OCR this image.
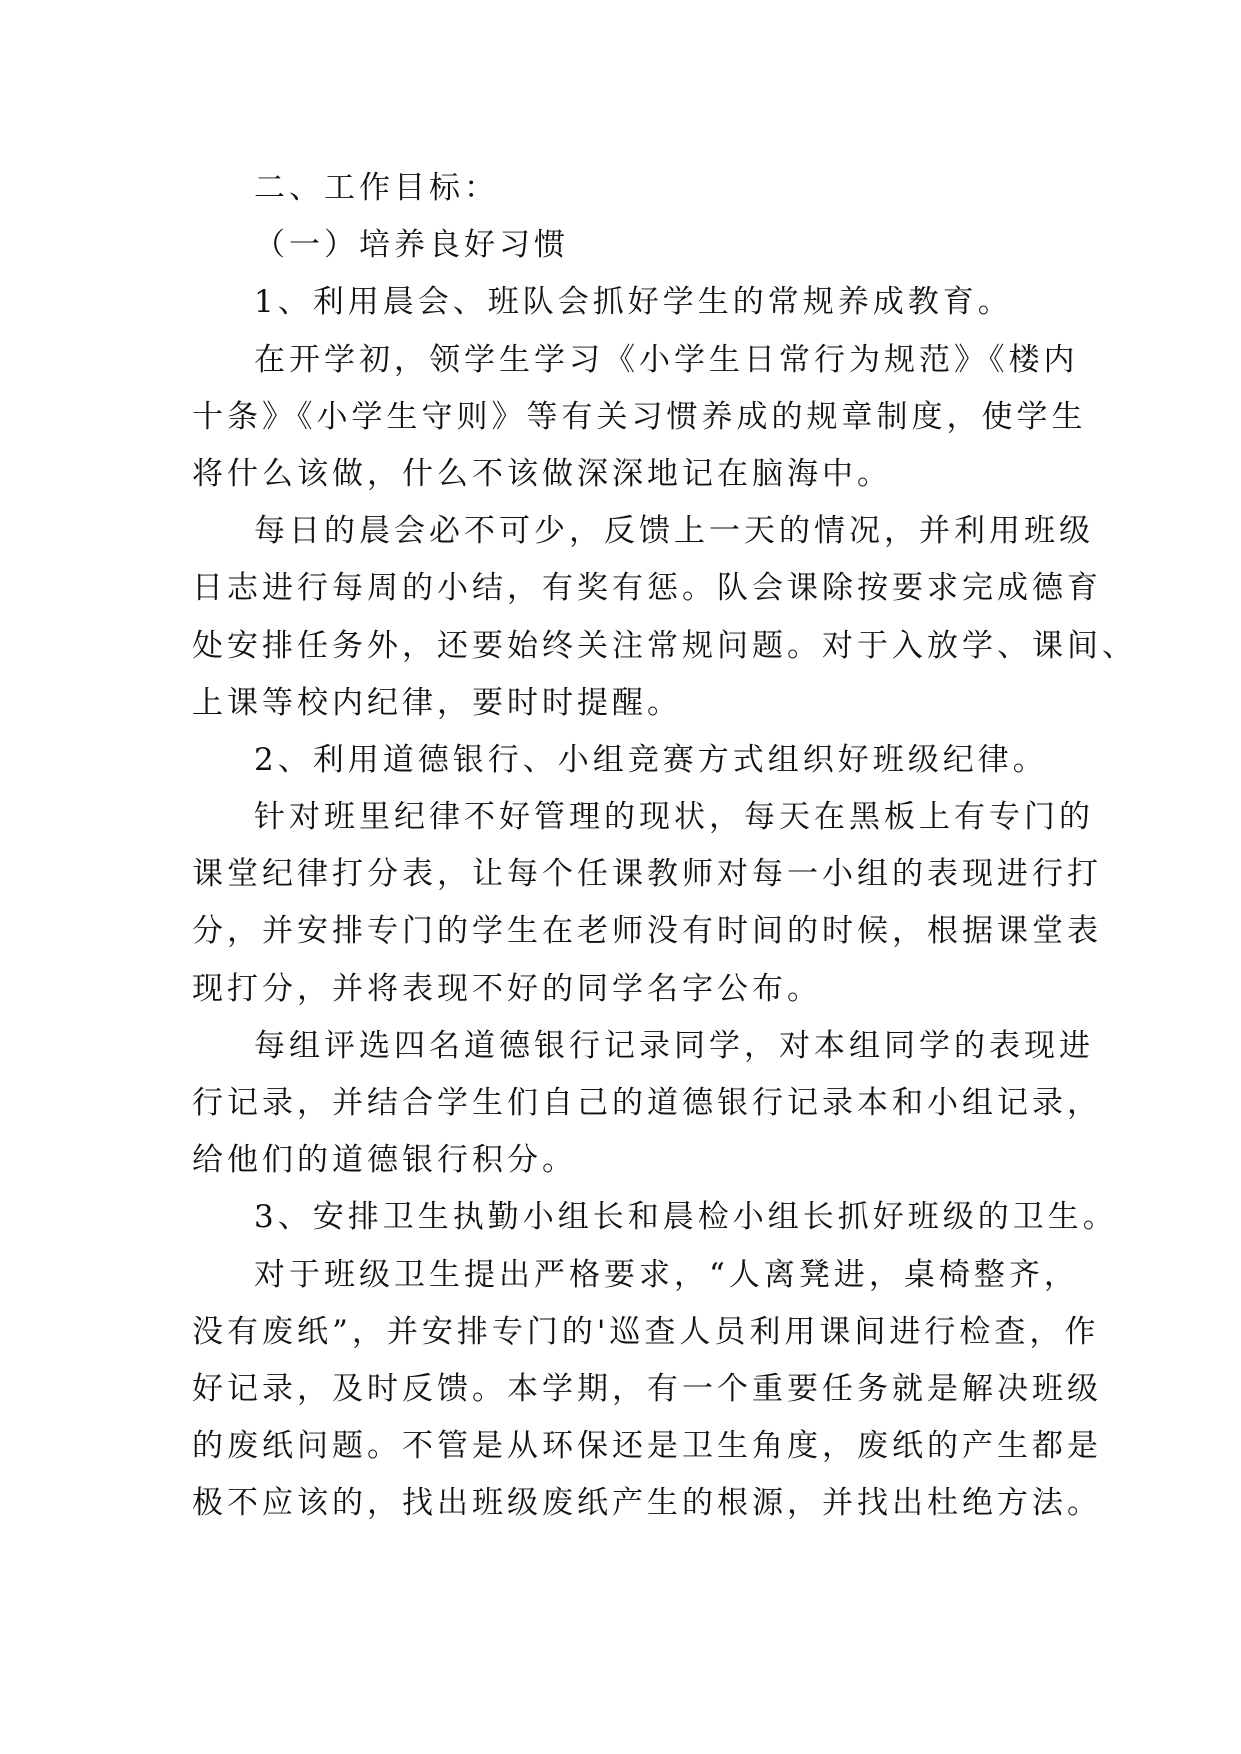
二、工作目标：
（一）培养良好习惯
1、利用晨会、班队会抓好学生的常规养成教育。
在开学初，领学生学习《小学生日常行为规范》《楼内
十条》《小学生守则》等有关习惯养成的规章制度，使学生
将什么该做，什么不该做深深地记在脑海中。
每日的晨会必不可少，反馈上一天的情况，并利用班级
日志进行每周的小结，有奖有惩。队会课除按要求完成德育
处安排任务外，还要始终关注常规问题。对于入放学、课间、
上课等校内纪律，要时时提醒。
2、利用道德银行、小组竞赛方式组织好班级纪律。
针对班里纪律不好管理的现状，每天在黑板上有专门的
课堂纪律打分表，让每个任课教师对每一小组的表现进行打
分，并安排专门的学生在老师没有时间的时候，根据课堂表
现打分，并将表现不好的同学名字公布。
每组评选四名道德银行记录同学，对本组同学的表现进
行记录，并结合学生们自己的道德银行记录本和小组记录，
给他们的道德银行积分。
3、安排卫生执勤小组长和晨检小组长抓好班级的卫生。
对于班级卫生提出严格要求，“人离凳进，桌椅整齐，
没有废纸”，并安排专门的'巡查人员利用课间进行检查，作
好记录，及时反馈。本学期，有一个重要任务就是解决班级
的废纸问题。不管是从环保还是卫生角度，废纸的产生都是
极不应该的，找出班级废纸产生的根源，并找出杜绝方法。
